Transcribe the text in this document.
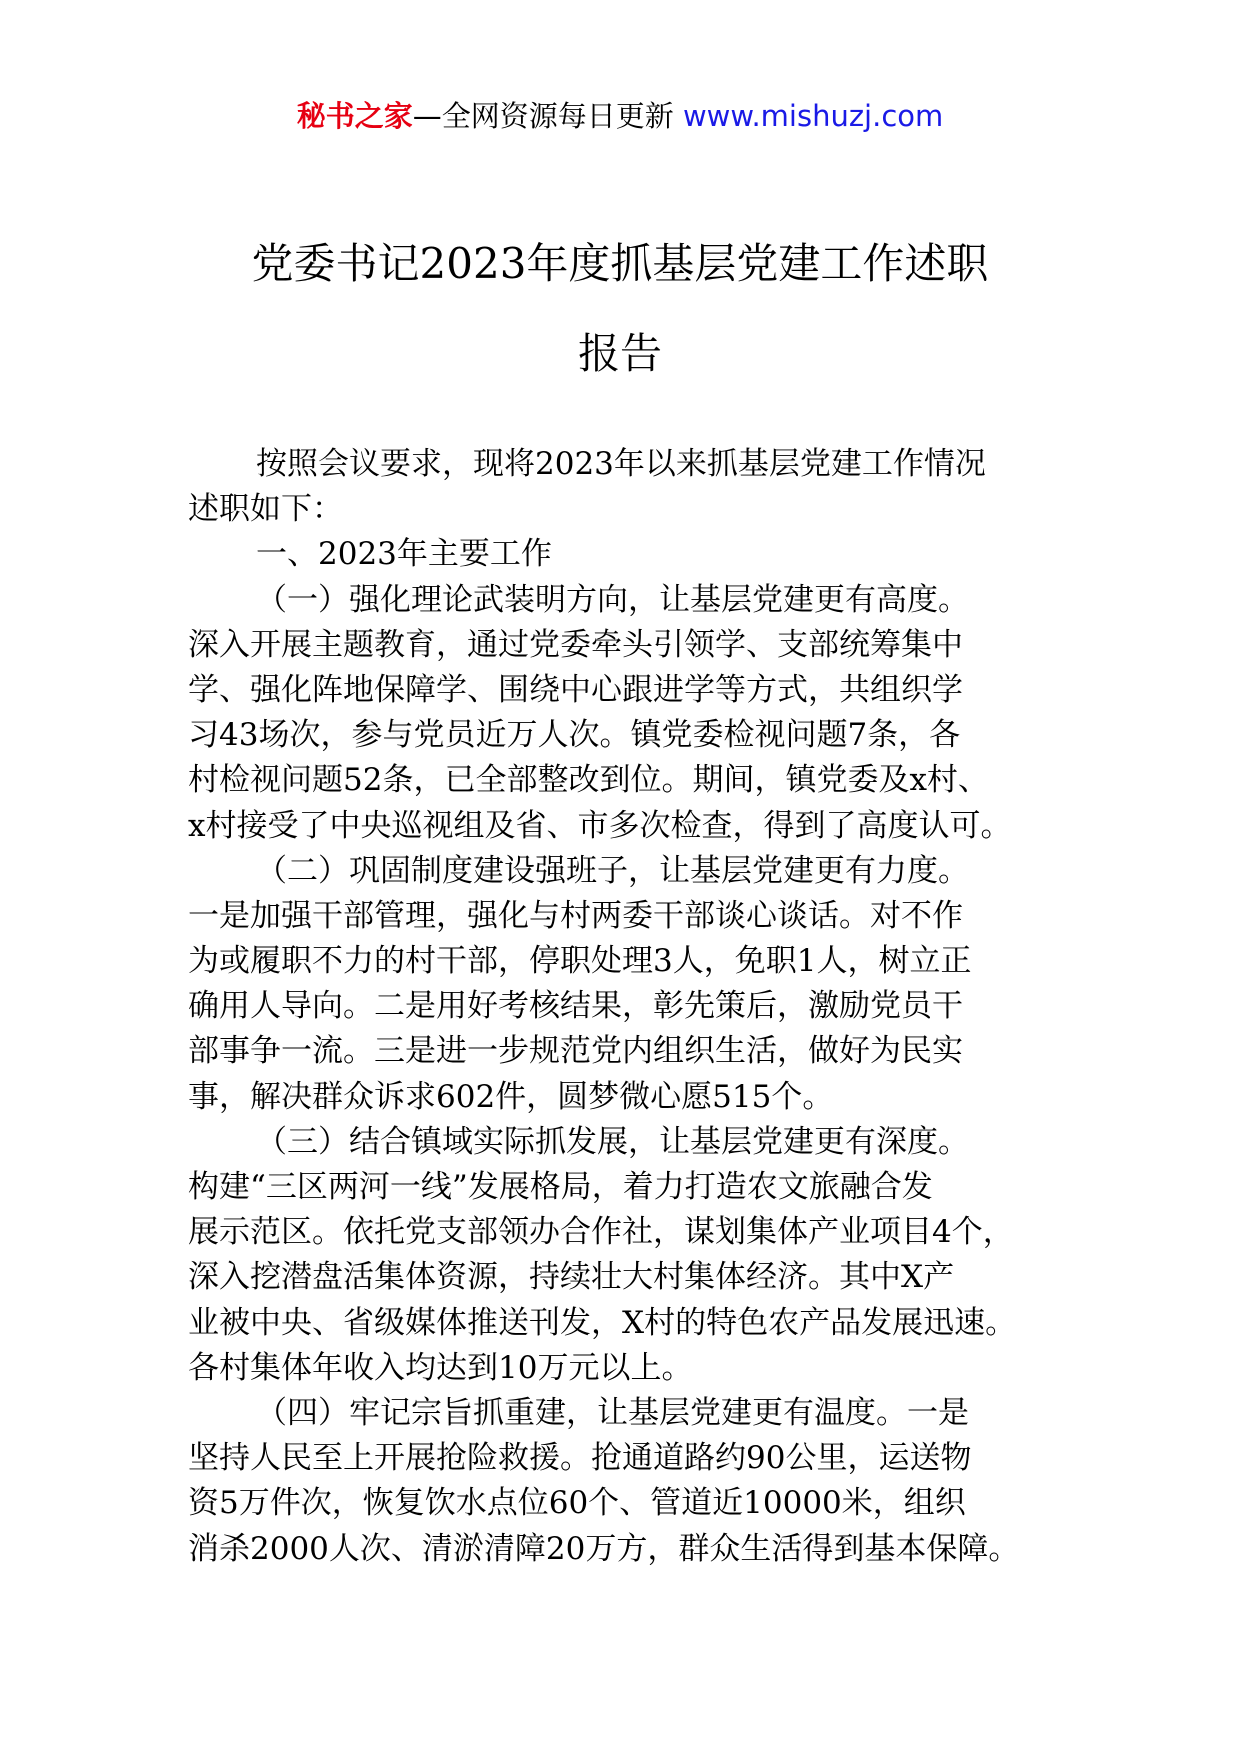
秘书之家—全网资源每日更新 www.mishuzj.com
党委书记2023年度抓基层党建工作述职
报告
按照会议要求，现将2023年以来抓基层党建工作情况
述职如下：
一、2023年主要工作
（一）强化理论武装明方向，让基层党建更有高度。
深入开展主题教育，通过党委牵头引领学、支部统筹集中
学、强化阵地保障学、围绕中心跟进学等方式，共组织学
习43场次，参与党员近万人次。镇党委检视问题7条，各
村检视问题52条，已全部整改到位。期间，镇党委及x村、
x村接受了中央巡视组及省、市多次检查，得到了高度认可。
（二）巩固制度建设强班子，让基层党建更有力度。
一是加强干部管理，强化与村两委干部谈心谈话。对不作
为或履职不力的村干部，停职处理3人，免职1人，树立正
确用人导向。二是用好考核结果，彰先策后，激励党员干
部事争一流。三是进一步规范党内组织生活，做好为民实
事，解决群众诉求602件，圆梦微心愿515个。
（三）结合镇域实际抓发展，让基层党建更有深度。
构建“三区两河一线”发展格局，着力打造农文旅融合发
展示范区。依托党支部领办合作社，谋划集体产业项目4个，
深入挖潜盘活集体资源，持续壮大村集体经济。其中X产
业被中央、省级媒体推送刊发，X村的特色农产品发展迅速。
各村集体年收入均达到10万元以上。
（四）牢记宗旨抓重建，让基层党建更有温度。一是
坚持人民至上开展抢险救援。抢通道路约90公里，运送物
资5万件次，恢复饮水点位60个、管道近10000米，组织
消杀2000人次、清淤清障20万方，群众生活得到基本保障。
